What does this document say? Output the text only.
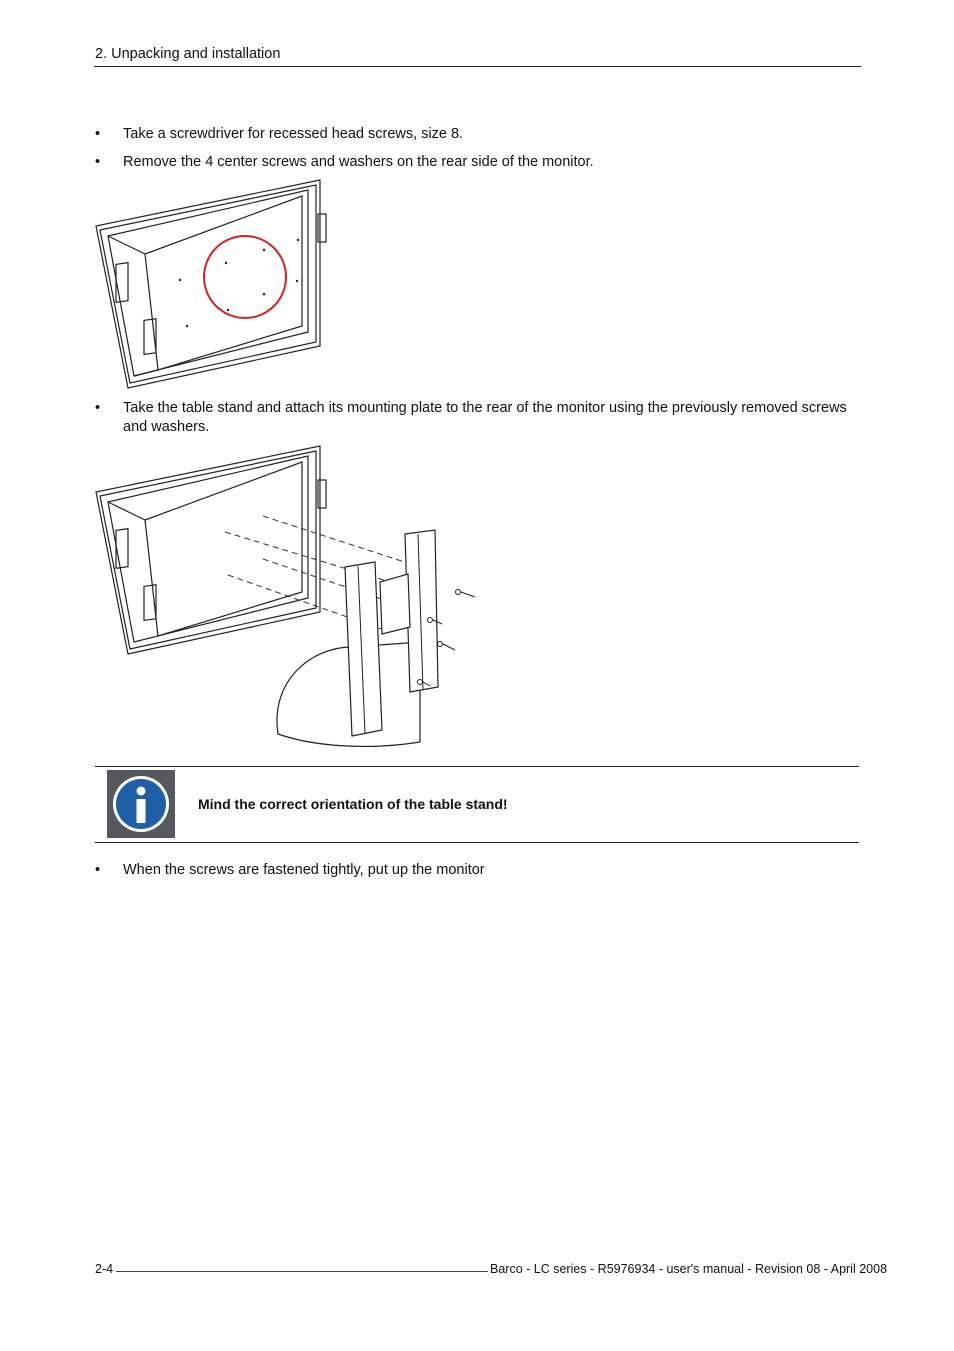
2. Unpacking and installation
• Take a screwdriver for recessed head screws, size 8.
• Remove the 4 center screws and washers on the rear side of the monitor.
• Take the table stand and attach its mounting plate to the rear of the monitor using the previously removed screws and washers.
Mind the correct orientation of the table stand!
• When the screws are fastened tightly, put up the monitor
2-4	Barco - LC series - R5976934 - user's manual - Revision 08 - April 2008
